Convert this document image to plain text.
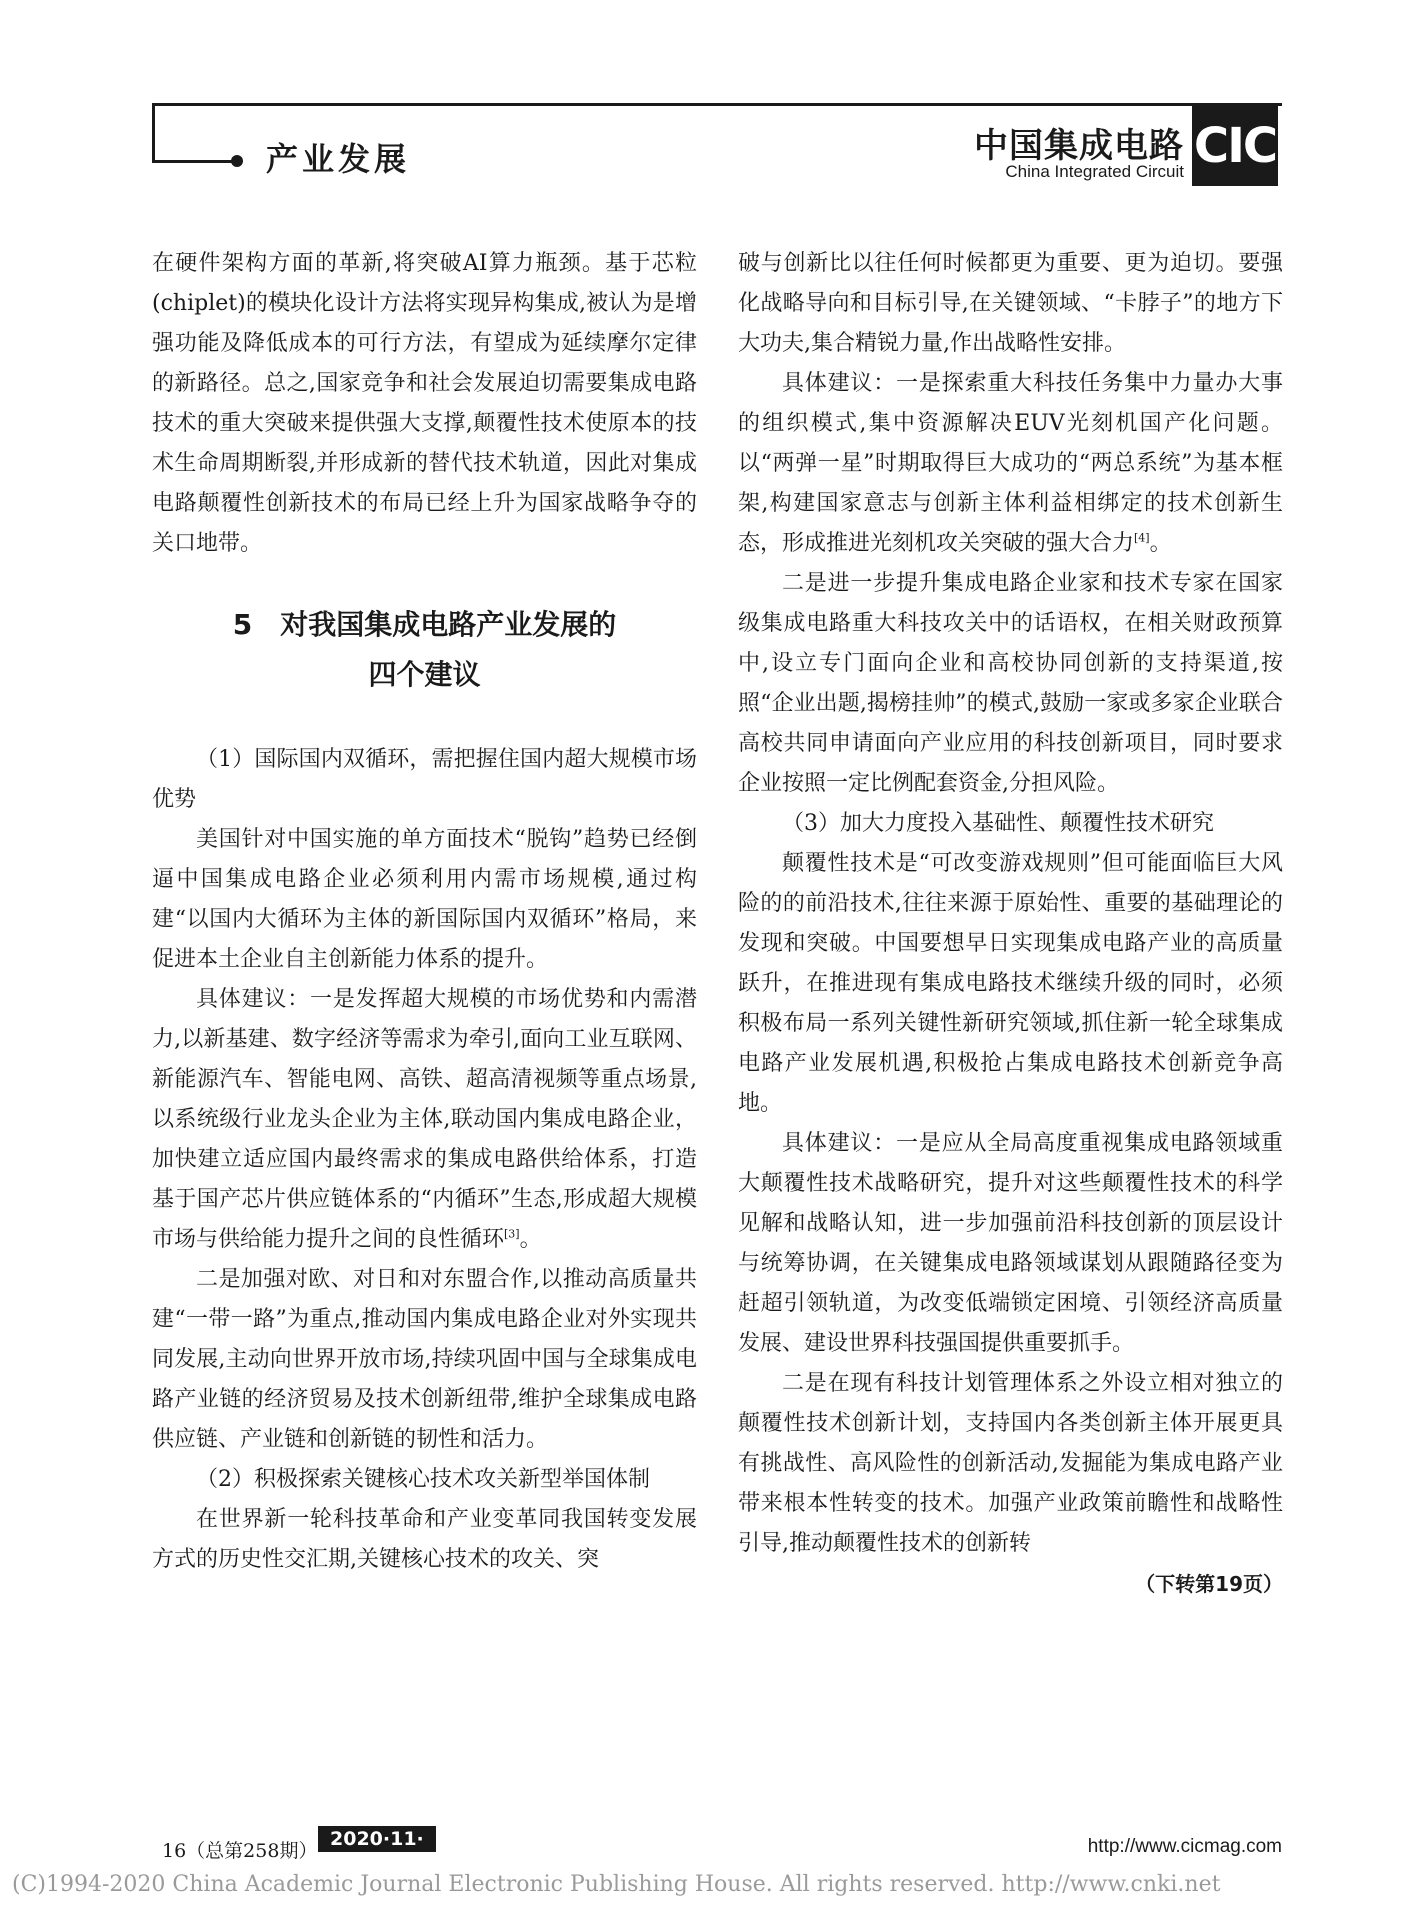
产业发展	中国集成电路
China Integrated Circuit CIC

在硬件架构方面的革新,将突破AI算力瓶颈。基于芯粒(chiplet)的模块化设计方法将实现异构集成,被认为是增强功能及降低成本的可行方法，有望成为延续摩尔定律的新路径。总之,国家竞争和社会发展迫切需要集成电路技术的重大突破来提供强大支撑,颠覆性技术使原本的技术生命周期断裂,并形成新的替代技术轨道，因此对集成电路颠覆性创新技术的布局已经上升为国家战略争夺的关口地带。

5　对我国集成电路产业发展的
四个建议

（1）国际国内双循环，需把握住国内超大规模市场优势

美国针对中国实施的单方面技术“脱钩”趋势已经倒逼中国集成电路企业必须利用内需市场规模,通过构建“以国内大循环为主体的新国际国内双循环”格局，来促进本土企业自主创新能力体系的提升。

具体建议：一是发挥超大规模的市场优势和内需潜力,以新基建、数字经济等需求为牵引,面向工业互联网、新能源汽车、智能电网、高铁、超高清视频等重点场景,以系统级行业龙头企业为主体,联动国内集成电路企业，加快建立适应国内最终需求的集成电路供给体系，打造基于国产芯片供应链体系的“内循环”生态,形成超大规模市场与供给能力提升之间的良性循环[3]。

二是加强对欧、对日和对东盟合作,以推动高质量共建“一带一路”为重点,推动国内集成电路企业对外实现共同发展,主动向世界开放市场,持续巩固中国与全球集成电路产业链的经济贸易及技术创新纽带,维护全球集成电路供应链、产业链和创新链的韧性和活力。

（2）积极探索关键核心技术攻关新型举国体制

在世界新一轮科技革命和产业变革同我国转变发展方式的历史性交汇期,关键核心技术的攻关、突

破与创新比以往任何时候都更为重要、更为迫切。要强化战略导向和目标引导,在关键领域、“卡脖子”的地方下大功夫,集合精锐力量,作出战略性安排。

具体建议：一是探索重大科技任务集中力量办大事的组织模式,集中资源解决EUV光刻机国产化问题。以“两弹一星”时期取得巨大成功的“两总系统”为基本框架,构建国家意志与创新主体利益相绑定的技术创新生态，形成推进光刻机攻关突破的强大合力[4]。

二是进一步提升集成电路企业家和技术专家在国家级集成电路重大科技攻关中的话语权，在相关财政预算中,设立专门面向企业和高校协同创新的支持渠道,按照“企业出题,揭榜挂帅”的模式,鼓励一家或多家企业联合高校共同申请面向产业应用的科技创新项目，同时要求企业按照一定比例配套资金,分担风险。

（3）加大力度投入基础性、颠覆性技术研究

颠覆性技术是“可改变游戏规则”但可能面临巨大风险的的前沿技术,往往来源于原始性、重要的基础理论的发现和突破。中国要想早日实现集成电路产业的高质量跃升，在推进现有集成电路技术继续升级的同时，必须积极布局一系列关键性新研究领域,抓住新一轮全球集成电路产业发展机遇,积极抢占集成电路技术创新竞争高地。

具体建议：一是应从全局高度重视集成电路领域重大颠覆性技术战略研究，提升对这些颠覆性技术的科学见解和战略认知，进一步加强前沿科技创新的顶层设计与统筹协调，在关键集成电路领域谋划从跟随路径变为赶超引领轨道，为改变低端锁定困境、引领经济高质量发展、建设世界科技强国提供重要抓手。

二是在现有科技计划管理体系之外设立相对独立的颠覆性技术创新计划，支持国内各类创新主体开展更具有挑战性、高风险性的创新活动,发掘能为集成电路产业带来根本性转变的技术。加强产业政策前瞻性和战略性引导,推动颠覆性技术的创新转

（下转第19页）

16（总第258期）
2020·11·	http://www.cicmag.com
(C)1994-2020 China Academic Journal Electronic Publishing House. All rights reserved. http://www.cnki.net
